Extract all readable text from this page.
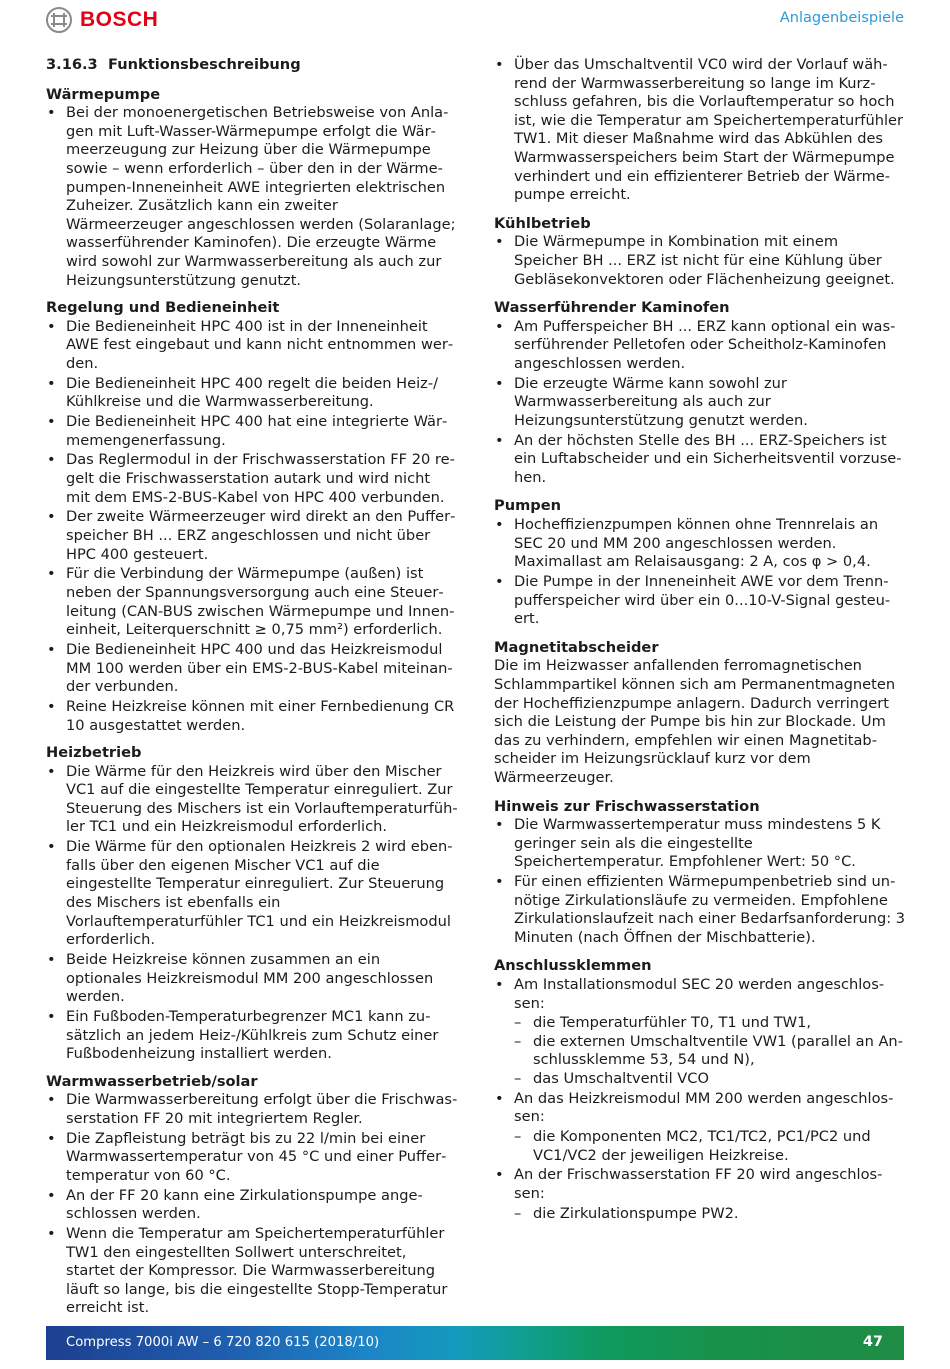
BOSCH	Anlagenbeispiele
3.16.3 Funktionsbeschreibung
Wärmepumpe
• Bei der monoenergetischen Betriebsweise von Anlagen mit Luft-Wasser-Wärmepumpe erfolgt die Wärmeerzeugung zur Heizung über die Wärmepumpe sowie – wenn erforderlich – über den in der Wärmepumpen-Inneneinheit AWE integrierten elektrischen Zuheizer. Zusätzlich kann ein zweiter Wärmeerzeuger angeschlossen werden (Solaranlage; wasserführender Kaminofen). Die erzeugte Wärme wird sowohl zur Warmwasserbereitung als auch zur Heizungsunterstützung genutzt.
Regelung und Bedieneinheit
• Die Bedieneinheit HPC 400 ist in der Inneneinheit AWE fest eingebaut und kann nicht entnommen werden.
• Die Bedieneinheit HPC 400 regelt die beiden Heiz-/ Kühlkreise und die Warmwasserbereitung.
• Die Bedieneinheit HPC 400 hat eine integrierte Wärmemengenerfassung.
• Das Reglermodul in der Frischwasserstation FF 20 regelt die Frischwasserstation autark und wird nicht mit dem EMS-2-BUS-Kabel von HPC 400 verbunden.
• Der zweite Wärmeerzeuger wird direkt an den Pufferspeicher BH ... ERZ angeschlossen und nicht über HPC 400 gesteuert.
• Für die Verbindung der Wärmepumpe (außen) ist neben der Spannungsversorgung auch eine Steuerleitung (CAN-BUS zwischen Wärmepumpe und Inneneinheit, Leiterquerschnitt ≥ 0,75 mm²) erforderlich.
• Die Bedieneinheit HPC 400 und das Heizkreismodul MM 100 werden über ein EMS-2-BUS-Kabel miteinander verbunden.
• Reine Heizkreise können mit einer Fernbedienung CR 10 ausgestattet werden.
Heizbetrieb
• Die Wärme für den Heizkreis wird über den Mischer VC1 auf die eingestellte Temperatur einreguliert. Zur Steuerung des Mischers ist ein Vorlauftemperaturfühler TC1 und ein Heizkreismodul erforderlich.
• Die Wärme für den optionalen Heizkreis 2 wird ebenfalls über den eigenen Mischer VC1 auf die eingestellte Temperatur einreguliert. Zur Steuerung des Mischers ist ebenfalls ein Vorlauftemperaturfühler TC1 und ein Heizkreismodul erforderlich.
• Beide Heizkreise können zusammen an ein optionales Heizkreismodul MM 200 angeschlossen werden.
• Ein Fußboden-Temperaturbegrenzer MC1 kann zusätzlich an jedem Heiz-/Kühlkreis zum Schutz einer Fußbodenheizung installiert werden.
Warmwasserbetrieb/solar
• Die Warmwasserbereitung erfolgt über die Frischwasserstation FF 20 mit integriertem Regler.
• Die Zapfleistung beträgt bis zu 22 l/min bei einer Warmwassertemperatur von 45 °C und einer Puffertemperatur von 60 °C.
• An der FF 20 kann eine Zirkulationspumpe angeschlossen werden.
• Wenn die Temperatur am Speichertemperaturfühler TW1 den eingestellten Sollwert unterschreitet, startet der Kompressor. Die Warmwasserbereitung läuft so lange, bis die eingestellte Stopp-Temperatur erreicht ist.
• Über das Umschaltventil VC0 wird der Vorlauf während der Warmwasserbereitung so lange im Kurzschluss gefahren, bis die Vorlauftemperatur so hoch ist, wie die Temperatur am Speichertemperaturfühler TW1. Mit dieser Maßnahme wird das Abkühlen des Warmwasserspeichers beim Start der Wärmepumpe verhindert und ein effizienterer Betrieb der Wärmepumpe erreicht.
Kühlbetrieb
• Die Wärmepumpe in Kombination mit einem Speicher BH ... ERZ ist nicht für eine Kühlung über Gebläsekonvektoren oder Flächenheizung geeignet.
Wasserführender Kaminofen
• Am Pufferspeicher BH ... ERZ kann optional ein wasserführender Pelletofen oder Scheitholz-Kaminofen angeschlossen werden.
• Die erzeugte Wärme kann sowohl zur Warmwasserbereitung als auch zur Heizungsunterstützung genutzt werden.
• An der höchsten Stelle des BH ... ERZ-Speichers ist ein Luftabscheider und ein Sicherheitsventil vorzusehen.
Pumpen
• Hocheffizienzpumpen können ohne Trennrelais an SEC 20 und MM 200 angeschlossen werden. Maximallast am Relaisausgang: 2 A, cos φ > 0,4.
• Die Pumpe in der Inneneinheit AWE vor dem Trennpufferspeicher wird über ein 0...10-V-Signal gesteuert.
Magnetitabscheider

Die im Heizwasser anfallenden ferromagnetischen Schlammpartikel können sich am Permanentmagneten der Hocheffizienzpumpe anlagern. Dadurch verringert sich die Leistung der Pumpe bis hin zur Blockade. Um das zu verhindern, empfehlen wir einen Magnetitabscheider im Heizungsrücklauf kurz vor dem Wärmeerzeuger.

Hinweis zur Frischwasserstation
• Die Warmwassertemperatur muss mindestens 5 K geringer sein als die eingestellte Speichertemperatur. Empfohlener Wert: 50 °C.
• Für einen effizienten Wärmepumpenbetrieb sind unnötige Zirkulationsläufe zu vermeiden. Empfohlene Zirkulationslaufzeit nach einer Bedarfsanforderung: 3 Minuten (nach Öffnen der Mischbatterie).
Anschlussklemmen
• Am Installationsmodul SEC 20 werden angeschlossen:
– die Temperaturfühler T0, T1 und TW1,
– die externen Umschaltventile VW1 (parallel an Anschlussklemme 53, 54 und N),
– das Umschaltventil VCO
• An das Heizkreismodul MM 200 werden angeschlossen:
– die Komponenten MC2, TC1/TC2, PC1/PC2 und VC1/VC2 der jeweiligen Heizkreise.
• An der Frischwasserstation FF 20 wird angeschlossen:
– die Zirkulationspumpe PW2.
Compress 7000i AW – 6 720 820 615 (2018/10)	47
